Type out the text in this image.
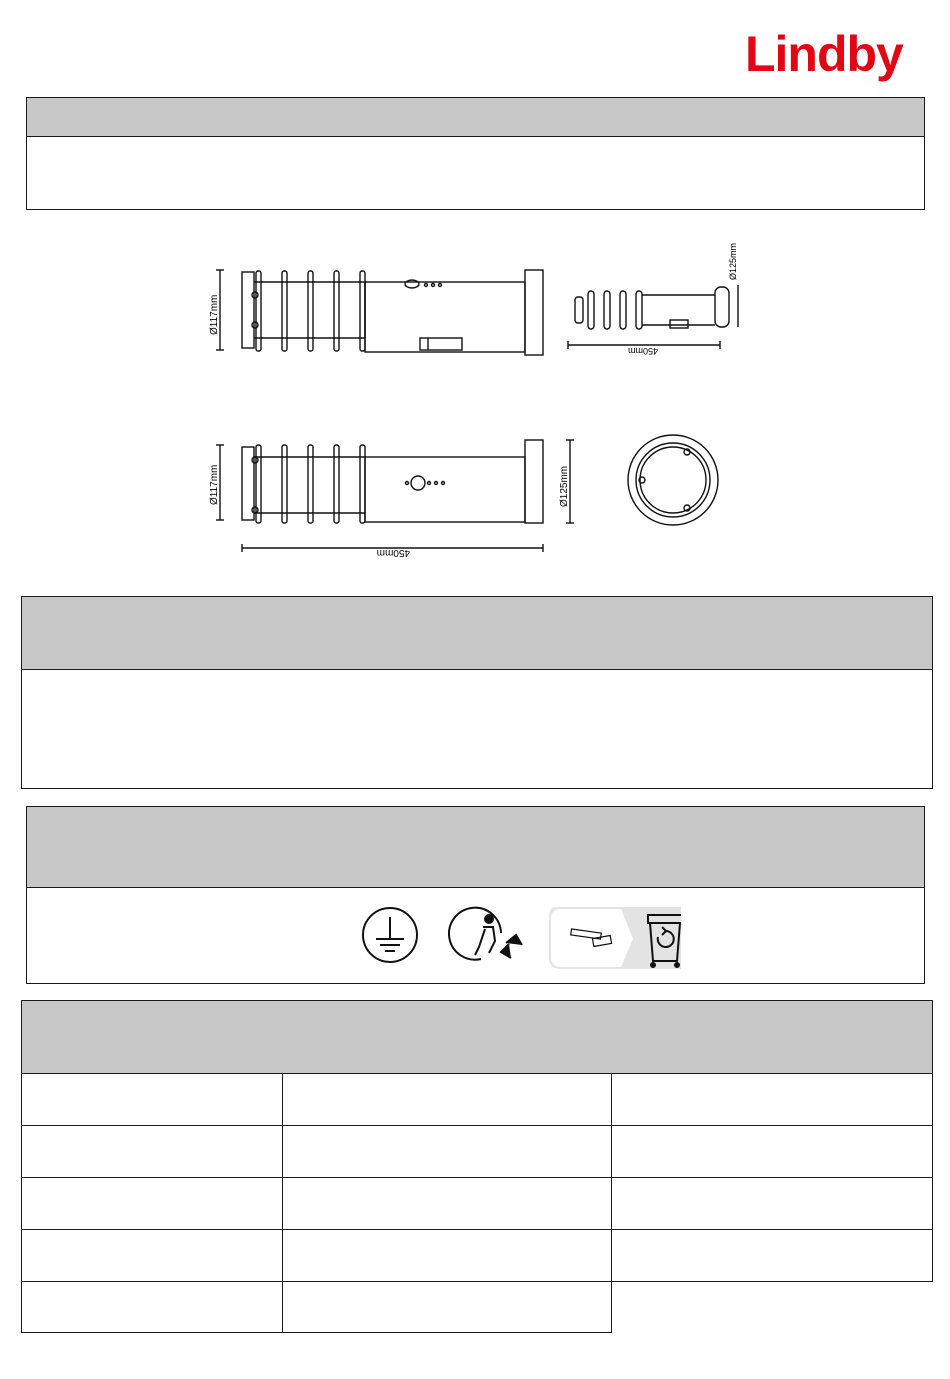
Lindby
Ø117mm
450mm
Ø125mm
Ø117mm
450mm
Ø125mm
